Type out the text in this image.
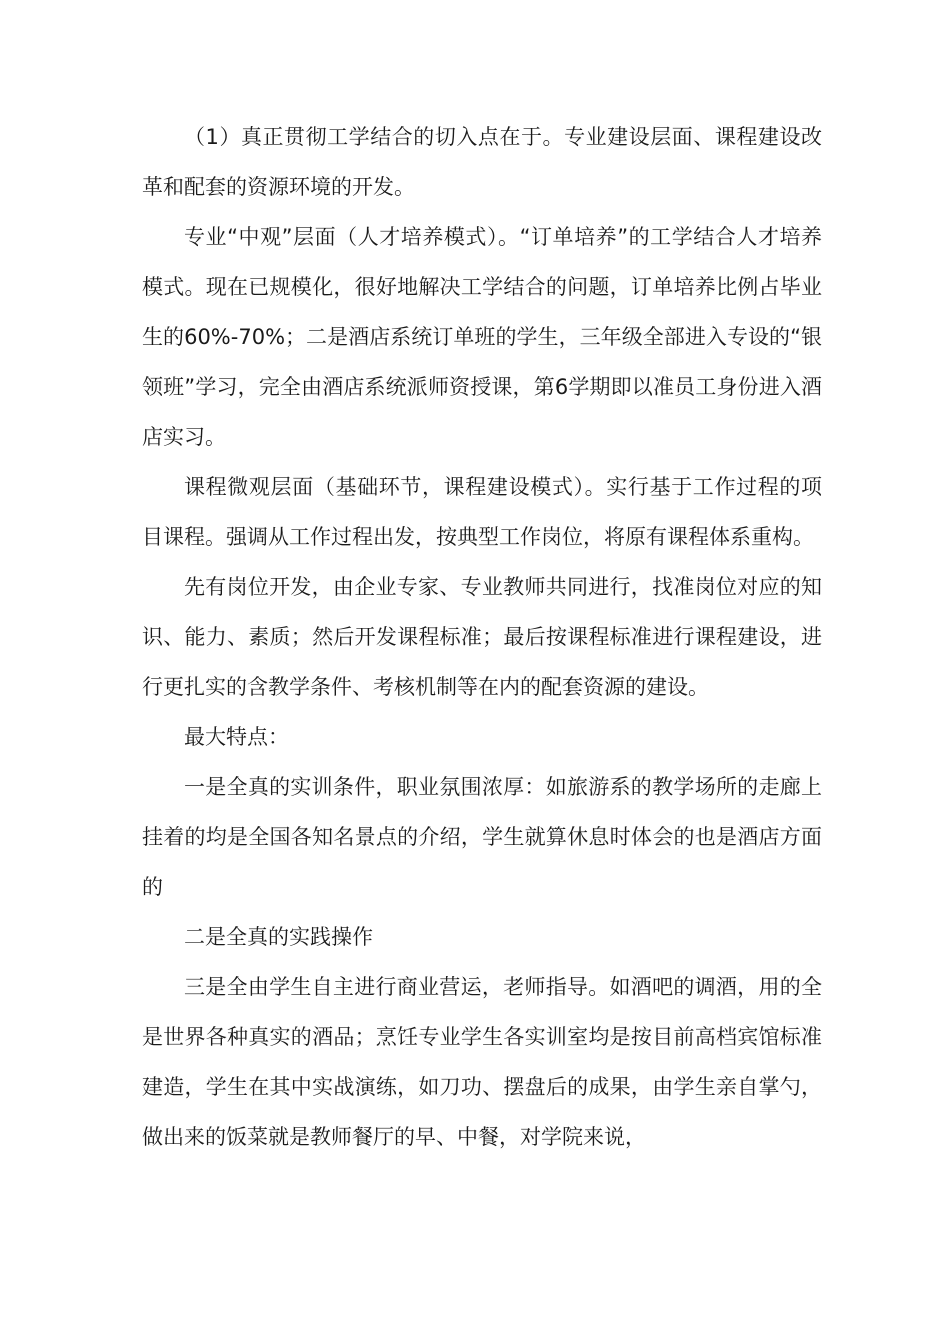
（1）真正贯彻工学结合的切入点在于。专业建设层面、课程建设改革和配套的资源环境的开发。

专业“中观”层面（人才培养模式）。“订单培养”的工学结合人才培养模式。现在已规模化，很好地解决工学结合的问题，订单培养比例占毕业生的60%-70%；二是酒店系统订单班的学生，三年级全部进入专设的“银领班”学习，完全由酒店系统派师资授课，第6学期即以准员工身份进入酒店实习。

课程微观层面（基础环节，课程建设模式）。实行基于工作过程的项目课程。强调从工作过程出发，按典型工作岗位，将原有课程体系重构。

先有岗位开发，由企业专家、专业教师共同进行，找准岗位对应的知识、能力、素质；然后开发课程标准；最后按课程标准进行课程建设，进行更扎实的含教学条件、考核机制等在内的配套资源的建设。

最大特点：

一是全真的实训条件，职业氛围浓厚：如旅游系的教学场所的走廊上挂着的均是全国各知名景点的介绍，学生就算休息时体会的也是酒店方面的

二是全真的实践操作

三是全由学生自主进行商业营运，老师指导。如酒吧的调酒，用的全是世界各种真实的酒品；烹饪专业学生各实训室均是按目前高档宾馆标准建造，学生在其中实战演练，如刀功、摆盘后的成果，由学生亲自掌勺，做出来的饭菜就是教师餐厅的早、中餐，对学院来说，
